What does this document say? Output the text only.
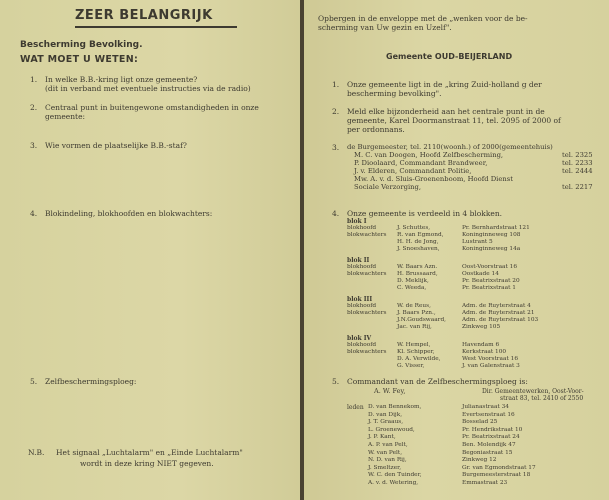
ZEER BELANGRIJK
Bescherming Bevolking.
WAT MOET U WETEN:
1. In welke B.B.-kring ligt onze gemeente?
(dit in verband met eventuele instructies via de radio)
2. Centraal punt in buitengewone omstandigheden in onze
gemeente:
3. Wie vormen de plaatselijke B.B.-staf?
4. Blokindeling, blokhoofden en blokwachters:
5. Zelfbeschermingsploeg:
N.B. Het signaal „Luchtalarm" en „Einde Luchtalarm"
wordt in deze kring NIET gegeven.
Opbergen in de enveloppe met de „wenken voor de be-
scherming van Uw gezin en Uzelf".
Gemeente OUD-BEIJERLAND
1. Onze gemeente ligt in de „kring Zuid-holland g der
bescherming bevolking".
2. Meld elke bijzonderheid aan het centrale punt in de
gemeente, Karel Doormanstraat 11, tel. 2095 of 2000 of
per ordonnans.
3. de Burgemeester, tel. 2110(woonh.) of 2000(gemeentehuis)
M. C. van Doogen, Hoofd Zelfbescherming,	tel. 2325
P. Dioolaard, Commandant Brandweer,	tel. 2233
J. v. Elderen, Commandant Politie,	tel. 2444
Mw. A. v. d. Sluis-Groenenboom, Hoofd Dienst
Sociale Verzorging,	tel. 2217
4. Onze gemeente is verdeeld in 4 blokken.
blok I
blokhoofd	J. Schuttes,	Pr. Bernhardstraat 121
blokwachters R. van Egmond,	Koninginneweg 108
H. H. de Jong,	Lustrant 5
J. Snoeshaven,	Koninginneweg 14a
blok II
blokhoofd	W. Baars Azn.	Oost-Voorstraat 16
blokwachters H. Brussaard,	Oostkade 14
D. Meklijk,	Pr. Beatrixstraat 20
C. Weeda,	Pr. Beatrixstraat 1
blok III
blokhoofd	W. de Reus,	Adm. de Ruyterstraat 4
blokwachters J. Baars Pzn.,	Adm. de Ruyterstraat 21
J.N.Goudswaard,	Adm. de Ruyterstraat 103
Jac. van Rij,	Zinkweg 105
blok IV
blokhoofd	W. Hempel,	Havendam 6
blokwachters Kl. Schipper,	Kerkstraat 100
D. A. Verwilde,	West Voorstraat 16
G. Visser,	J. van Galenstraat 3
5. Commandant van de Zelfbeschermingsploeg is:
A. W. Fey,	Dir. Gemeentewerken, Oost-Voor-
straat 83, tel. 2410 of 2550
leden D. van Bennekom,	Julianastraat 34
D. van Dijk,	Evertsenstraat 16
J. T. Graaus,	Bosselad 25
L. Groenewoud,	Pr. Hendrikstraat 10
J. P. Kant,	Pr. Beatrixstraat 24
A. P. van Pelt,	Ben. Molendijk 47
W. van Pelt,	Begoniastraat 15
N. D. van Rij,	Zinkweg 12
J. Smeltzer,	Gr. van Egmondstraat 17
W. C. den Tuinder,	Burgemeesterstraat 18
A. v. d. Wetering,	Emmastraat 23
